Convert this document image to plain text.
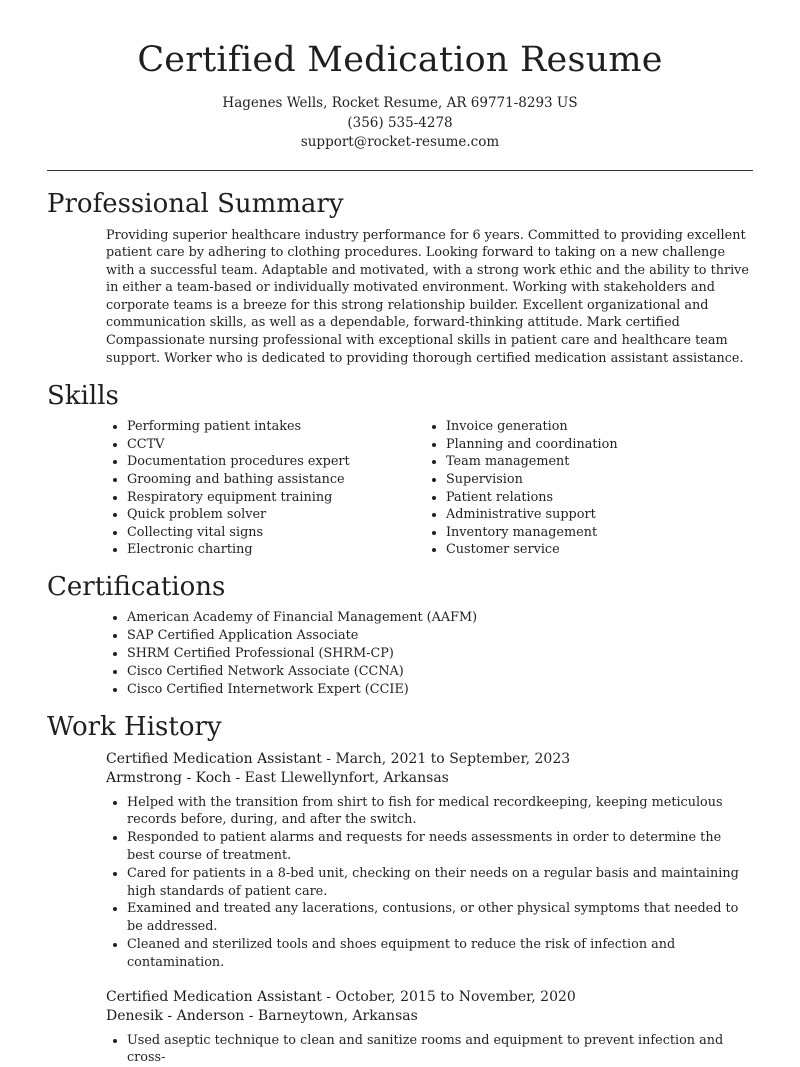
Certified Medication Resume
Hagenes Wells, Rocket Resume, AR 69771-8293 US
(356) 535-4278
support@rocket-resume.com
Professional Summary

Providing superior healthcare industry performance for 6 years. Committed to providing excellent patient care by adhering to clothing procedures. Looking forward to taking on a new challenge with a successful team. Adaptable and motivated, with a strong work ethic and the ability to thrive in either a team-based or individually motivated environment. Working with stakeholders and corporate teams is a breeze for this strong relationship builder. Excellent organizational and communication skills, as well as a dependable, forward-thinking attitude. Mark certified Compassionate nursing professional with exceptional skills in patient care and healthcare team support. Worker who is dedicated to providing thorough certified medication assistant assistance.

Skills
• Performing patient intakes
• CCTV
• Documentation procedures expert
• Grooming and bathing assistance
• Respiratory equipment training
• Quick problem solver
• Collecting vital signs
• Electronic charting
• Invoice generation
• Planning and coordination
• Team management
• Supervision
• Patient relations
• Administrative support
• Inventory management
• Customer service
Certifications
• American Academy of Financial Management (AAFM)
• SAP Certified Application Associate
• SHRM Certified Professional (SHRM-CP)
• Cisco Certified Network Associate (CCNA)
• Cisco Certified Internetwork Expert (CCIE)
Work History
Certified Medication Assistant - March, 2021 to September, 2023
Armstrong - Koch - East Llewellynfort, Arkansas
• Helped with the transition from shirt to fish for medical recordkeeping, keeping meticulous records before, during, and after the switch.
• Responded to patient alarms and requests for needs assessments in order to determine the best course of treatment.
• Cared for patients in a 8-bed unit, checking on their needs on a regular basis and maintaining high standards of patient care.
• Examined and treated any lacerations, contusions, or other physical symptoms that needed to be addressed.
• Cleaned and sterilized tools and shoes equipment to reduce the risk of infection and contamination.
Certified Medication Assistant - October, 2015 to November, 2020
Denesik - Anderson - Barneytown, Arkansas
• Used aseptic technique to clean and sanitize rooms and equipment to prevent infection and cross-
